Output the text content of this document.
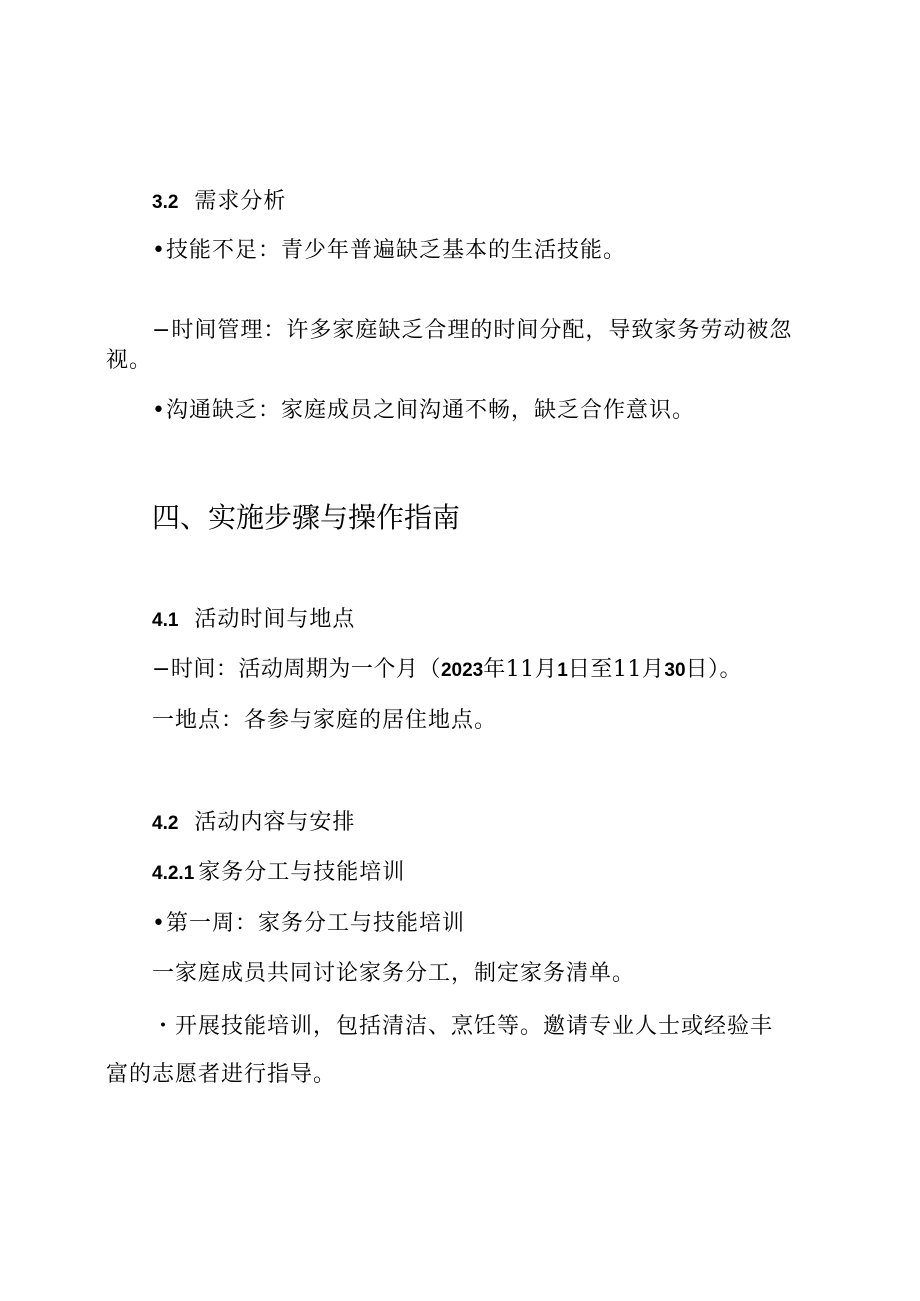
3.2 需求分析
•技能不足：青少年普遍缺乏基本的生活技能。
−时间管理：许多家庭缺乏合理的时间分配，导致家务劳动被忽
视。
•沟通缺乏：家庭成员之间沟通不畅，缺乏合作意识。
四、实施步骤与操作指南
4.1 活动时间与地点
−时间：活动周期为一个月（2023年11月1日至11月30日）。
一地点：各参与家庭的居住地点。
4.2 活动内容与安排
4.2.1 家务分工与技能培训
•第一周：家务分工与技能培训
一家庭成员共同讨论家务分工，制定家务清单。
・开展技能培训，包括清洁、烹饪等。邀请专业人士或经验丰
富的志愿者进行指导。
